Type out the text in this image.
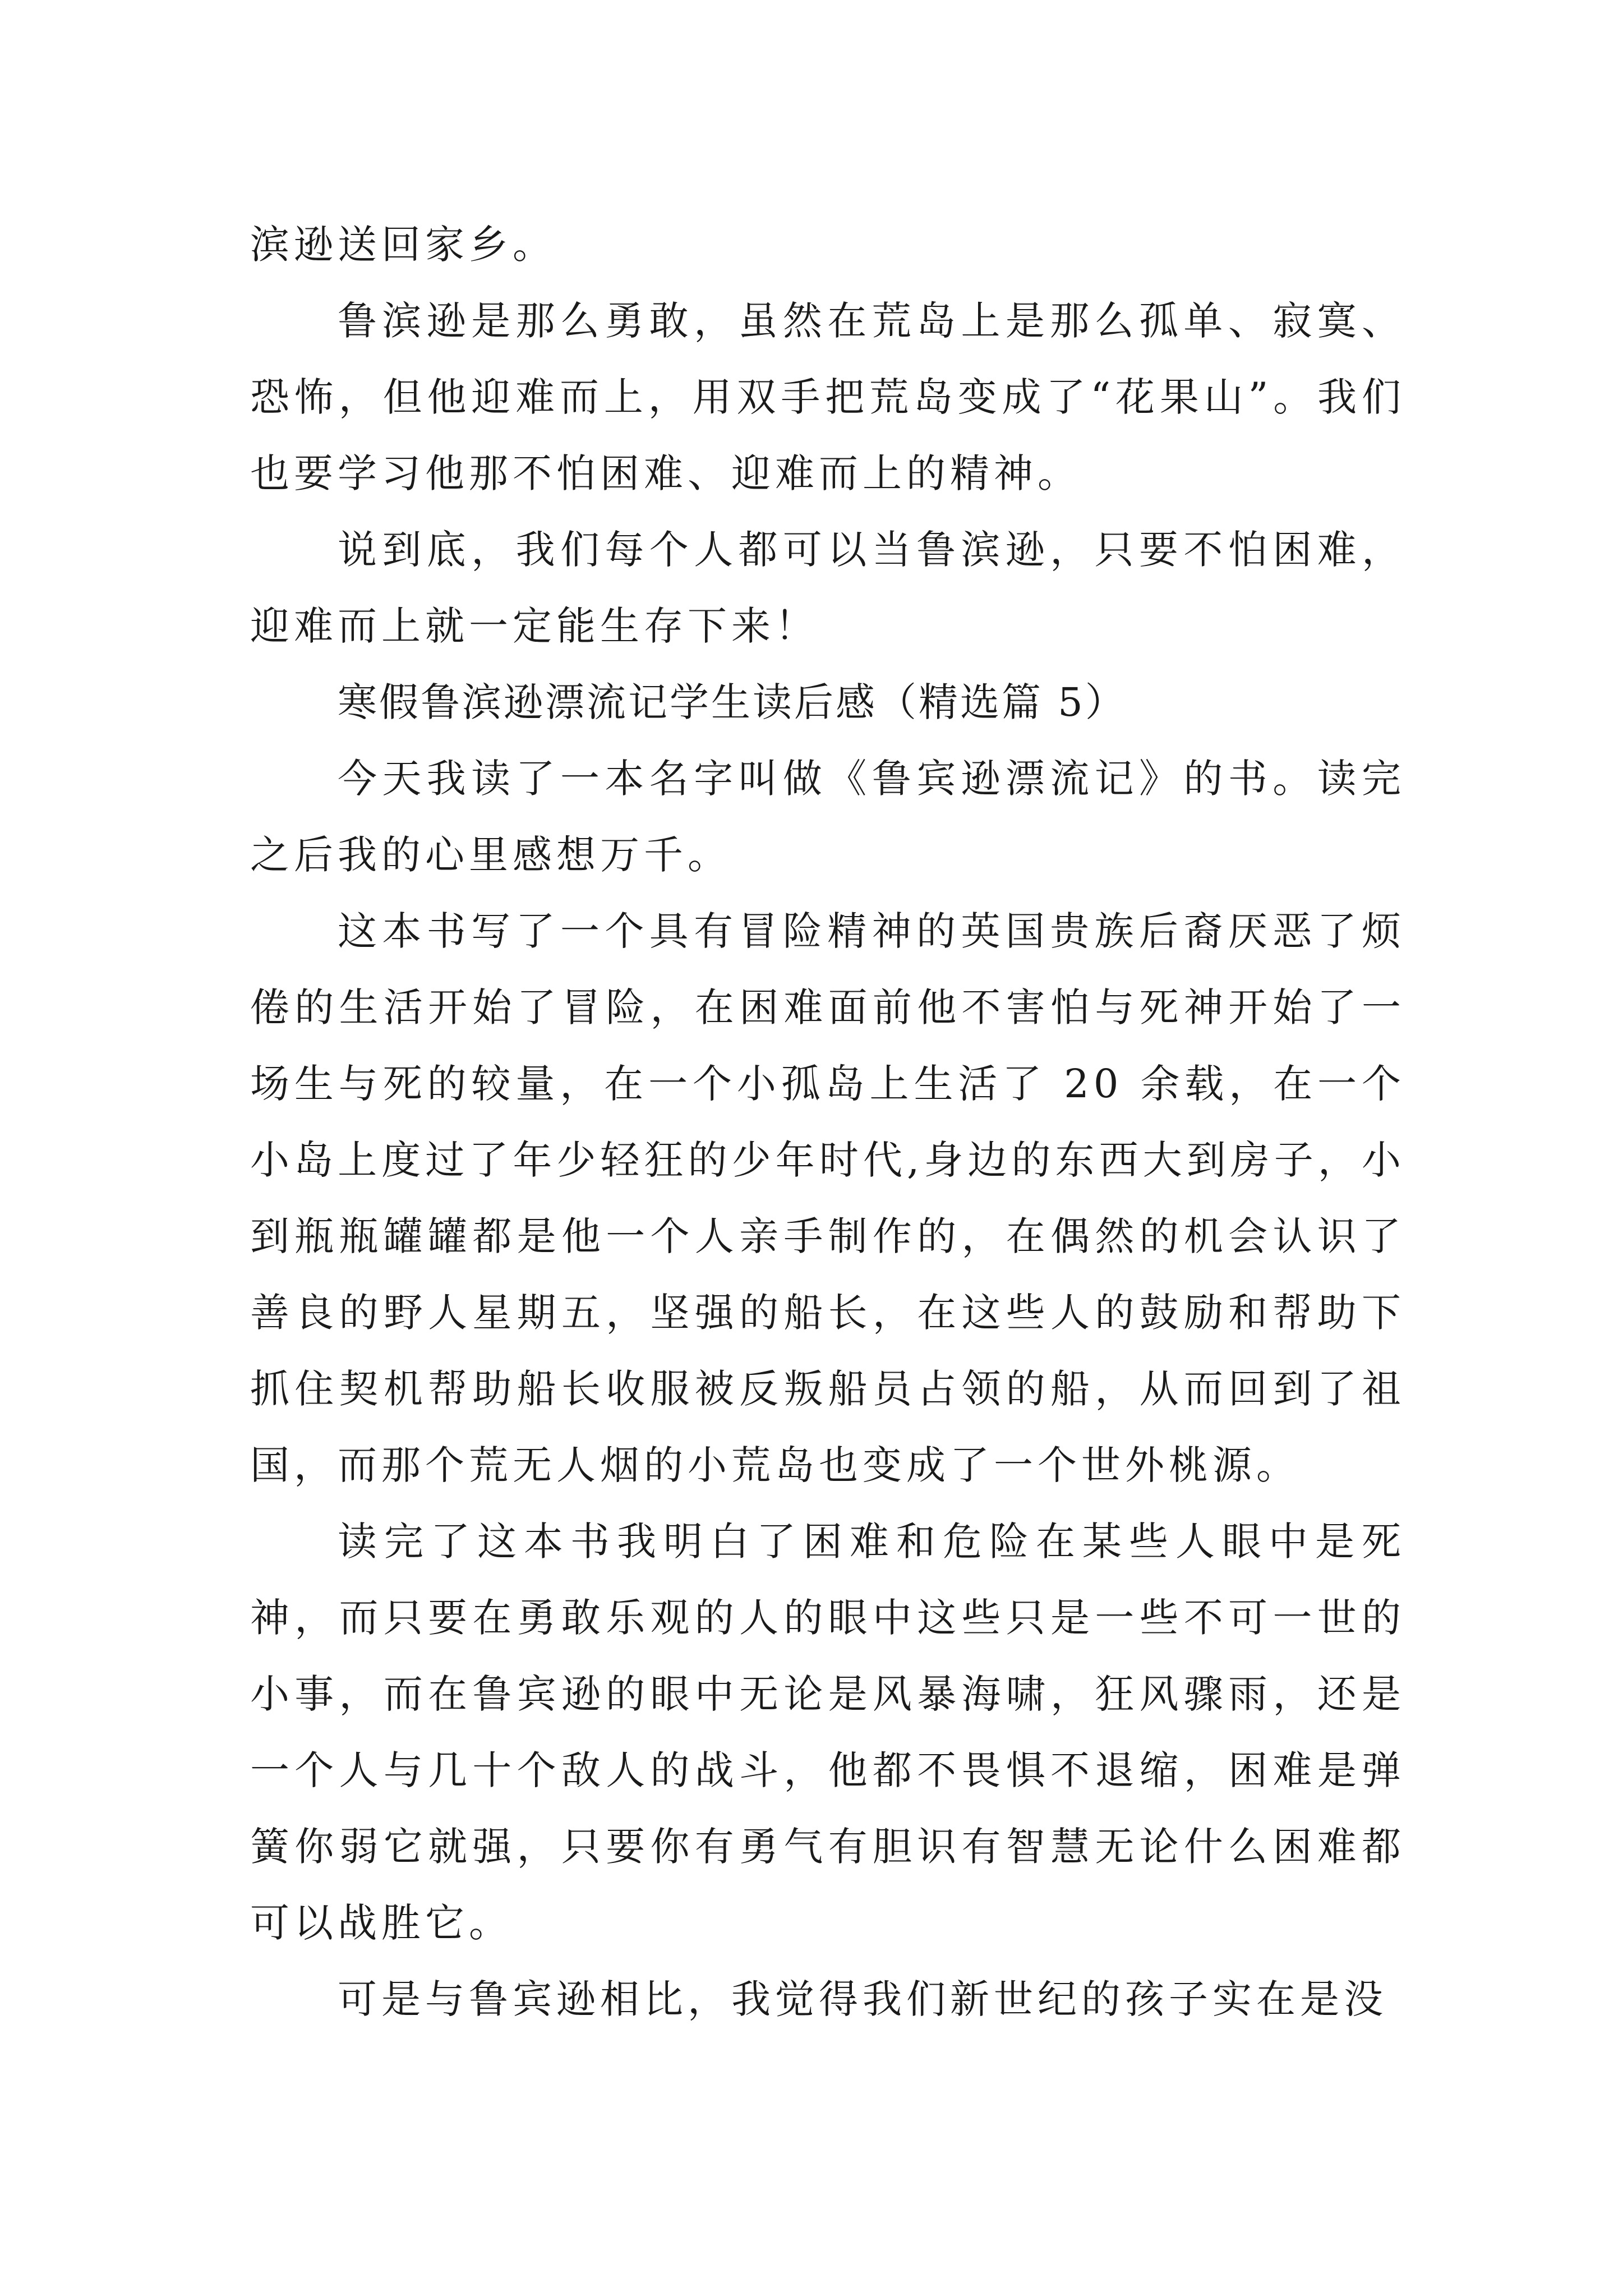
滨逊送回家乡。

鲁滨逊是那么勇敢，虽然在荒岛上是那么孤单、寂寞、恐怖，但他迎难而上，用双手把荒岛变成了“花果山”。我们也要学习他那不怕困难、迎难而上的精神。

说到底，我们每个人都可以当鲁滨逊，只要不怕困难，迎难而上就一定能生存下来！

寒假鲁滨逊漂流记学生读后感（精选篇 5）

今天我读了一本名字叫做《鲁宾逊漂流记》的书。读完之后我的心里感想万千。

这本书写了一个具有冒险精神的英国贵族后裔厌恶了烦倦的生活开始了冒险，在困难面前他不害怕与死神开始了一场生与死的较量，在一个小孤岛上生活了 20 余载，在一个小岛上度过了年少轻狂的少年时代,身边的东西大到房子，小到瓶瓶罐罐都是他一个人亲手制作的，在偶然的机会认识了善良的野人星期五，坚强的船长，在这些人的鼓励和帮助下抓住契机帮助船长收服被反叛船员占领的船，从而回到了祖国，而那个荒无人烟的小荒岛也变成了一个世外桃源。

读完了这本书我明白了困难和危险在某些人眼中是死神，而只要在勇敢乐观的人的眼中这些只是一些不可一世的小事，而在鲁宾逊的眼中无论是风暴海啸，狂风骤雨，还是一个人与几十个敌人的战斗，他都不畏惧不退缩，困难是弹簧你弱它就强，只要你有勇气有胆识有智慧无论什么困难都可以战胜它。

可是与鲁宾逊相比，我觉得我们新世纪的孩子实在是没
